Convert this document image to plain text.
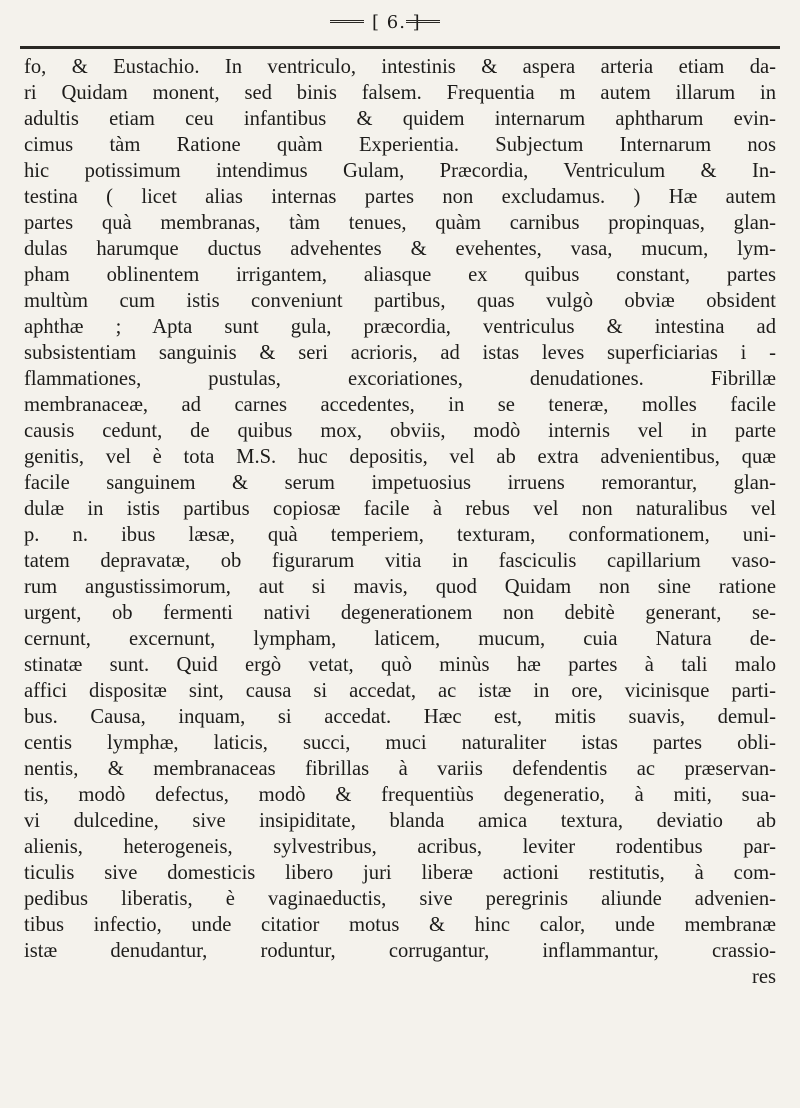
[ 6. ]
fo, & Eustachio. In ventriculo, intestinis & aspera arteria etiam da-
ri Quidam monent, sed binis falsem. Frequentia m autem illarum in
adultis etiam ceu infantibus & quidem internarum aphtharum evin-
cimus tàm Ratione quàm Experientia. Subjectum Internarum nos
hic potissimum intendimus Gulam, Præcordia, Ventriculum & In-
testina ( licet alias internas partes non excludamus. ) Hæ autem
partes quà membranas, tàm tenues, quàm carnibus propinquas, glan-
dulas harumque ductus advehentes & evehentes, vasa, mucum, lym-
pham oblinentem irrigantem, aliasque ex quibus constant, partes
multùm cum istis conveniunt partibus, quas vulgò obviæ obsident
aphthæ ; Apta sunt gula, præcordia, ventriculus & intestina ad
subsistentiam sanguinis & seri acrioris, ad istas leves superficiarias i -
flammationes, pustulas, excoriationes, denudationes. Fibrillæ
membranaceæ, ad carnes accedentes, in se teneræ, molles facile
causis cedunt, de quibus mox, obviis, modò internis vel in parte
genitis, vel è tota M.S. huc depositis, vel ab extra advenientibus, quæ
facile sanguinem & serum impetuosius irruens remorantur, glan-
dulæ in istis partibus copiosæ facile à rebus vel non naturalibus vel
p. n. ibus læsæ, quà temperiem, texturam, conformationem, uni-
tatem depravatæ, ob figurarum vitia in fasciculis capillarium vaso-
rum angustissimorum, aut si mavis, quod Quidam non sine ratione
urgent, ob fermenti nativi degenerationem non debitè generant, se-
cernunt, excernunt, lympham, laticem, mucum, cuia Natura de-
stinatæ sunt. Quid ergò vetat, quò minùs hæ partes à tali malo
affici dispositæ sint, causa si accedat, ac istæ in ore, vicinisque parti-
bus. Causa, inquam, si accedat. Hæc est, mitis suavis, demul-
centis lymphæ, laticis, succi, muci naturaliter istas partes obli-
nentis, & membranaceas fibrillas à variis defendentis ac præservan-
tis, modò defectus, modò & frequentiùs degeneratio, à miti, sua-
vi dulcedine, sive insipiditate, blanda amica textura, deviatio ab
alienis, heterogeneis, sylvestribus, acribus, leviter rodentibus par-
ticulis sive domesticis libero juri liberæ actioni restitutis, à com-
pedibus liberatis, è vaginaeductis, sive peregrinis aliunde advenien-
tibus infectio, unde citatior motus & hinc calor, unde membranæ
istæ denudantur, roduntur, corrugantur, inflammantur, crassio-
res
